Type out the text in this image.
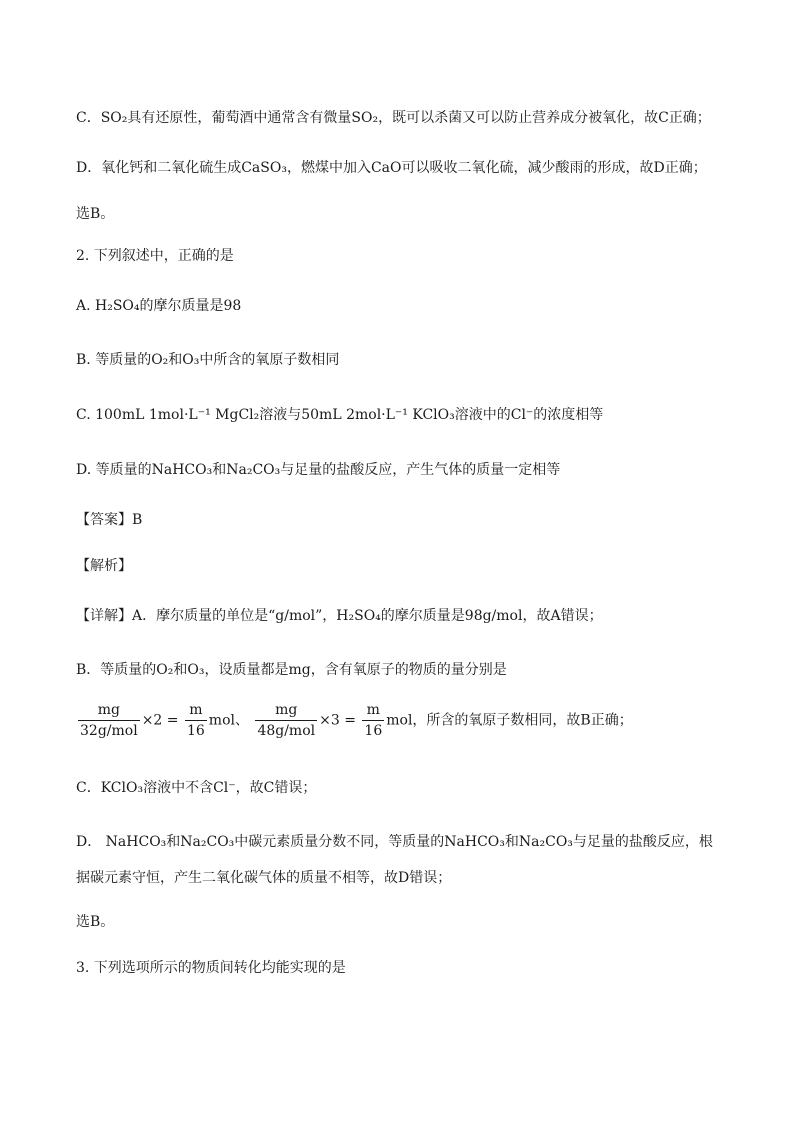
C．SO₂具有还原性，葡萄酒中通常含有微量SO₂，既可以杀菌又可以防止营养成分被氧化，故C正确；
D．氧化钙和二氧化硫生成CaSO₃，燃煤中加入CaO可以吸收二氧化硫，减少酸雨的形成，故D正确；
选B。
2. 下列叙述中，正确的是
A. H₂SO₄的摩尔质量是98
B. 等质量的O₂和O₃中所含的氧原子数相同
C. 100mL 1mol·L⁻¹ MgCl₂溶液与50mL 2mol·L⁻¹ KClO₃溶液中的Cl⁻的浓度相等
D. 等质量的NaHCO₃和Na₂CO₃与足量的盐酸反应，产生气体的质量一定相等
【答案】B
【解析】
【详解】A．摩尔质量的单位是“g/mol”，H₂SO₄的摩尔质量是98g/mol，故A错误；
B．等质量的O₂和O₃，设质量都是mg，含有氧原子的物质的量分别是
$\frac{mg}{\text{32g/mol}} \times 2 = \frac{m}{16}$ mol、 $\frac{mg}{\text{48g/mol}} \times 3 = \frac{m}{16}$ mol，所含的氧原子数相同，故B正确；
C．KClO₃溶液中不含Cl⁻，故C错误；
D． NaHCO₃和Na₂CO₃中碳元素质量分数不同，等质量的NaHCO₃和Na₂CO₃与足量的盐酸反应，根据碳元素守恒，产生二氧化碳气体的质量不相等，故D错误；
选B。
3. 下列选项所示的物质间转化均能实现的是
